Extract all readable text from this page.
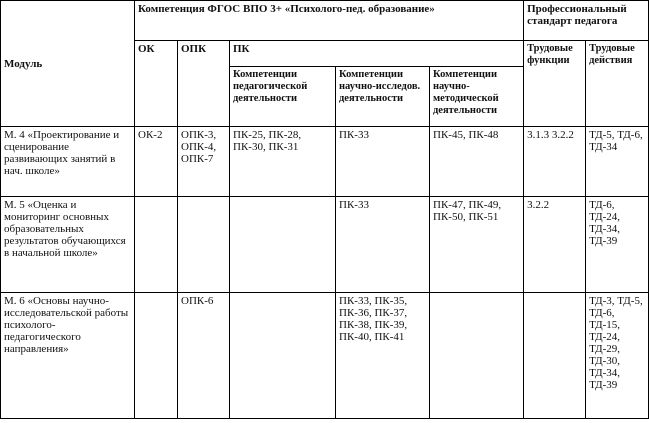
Модуль	Компетенция ФГОС ВПО 3+ «Психолого-пед. образование»					Профессиональный стандарт педагога	
	ОК	ОПК	ПК			Трудовые функции	Трудовые действия
			Компетенции педагогической деятельности	Компетенции научно-исследов. деятельности	Компетенции научно-методической деятельности		
М. 4 «Проектирование и сценирование развивающих занятий в нач. школе»	ОК-2	ОПК-3, ОПК-4, ОПК-7	ПК-25, ПК-28, ПК-30, ПК-31	ПК-33	ПК-45, ПК-48	3.1.3 3.2.2	ТД-5, ТД-6, ТД-34
М. 5 «Оценка и мониторинг основных образовательных результатов обучающихся в начальной школе»				ПК-33	ПК-47, ПК-49, ПК-50, ПК-51	3.2.2	ТД-6, ТД-24, ТД-34, ТД-39
М. 6 «Основы научно-исследовательской работы психолого-педагогического направления»		ОПК-6		ПК-33, ПК-35, ПК-36, ПК-37, ПК-38, ПК-39, ПК-40, ПК-41			ТД-3, ТД-5, ТД-6, ТД-15, ТД-24, ТД-29, ТД-30, ТД-34, ТД-39
